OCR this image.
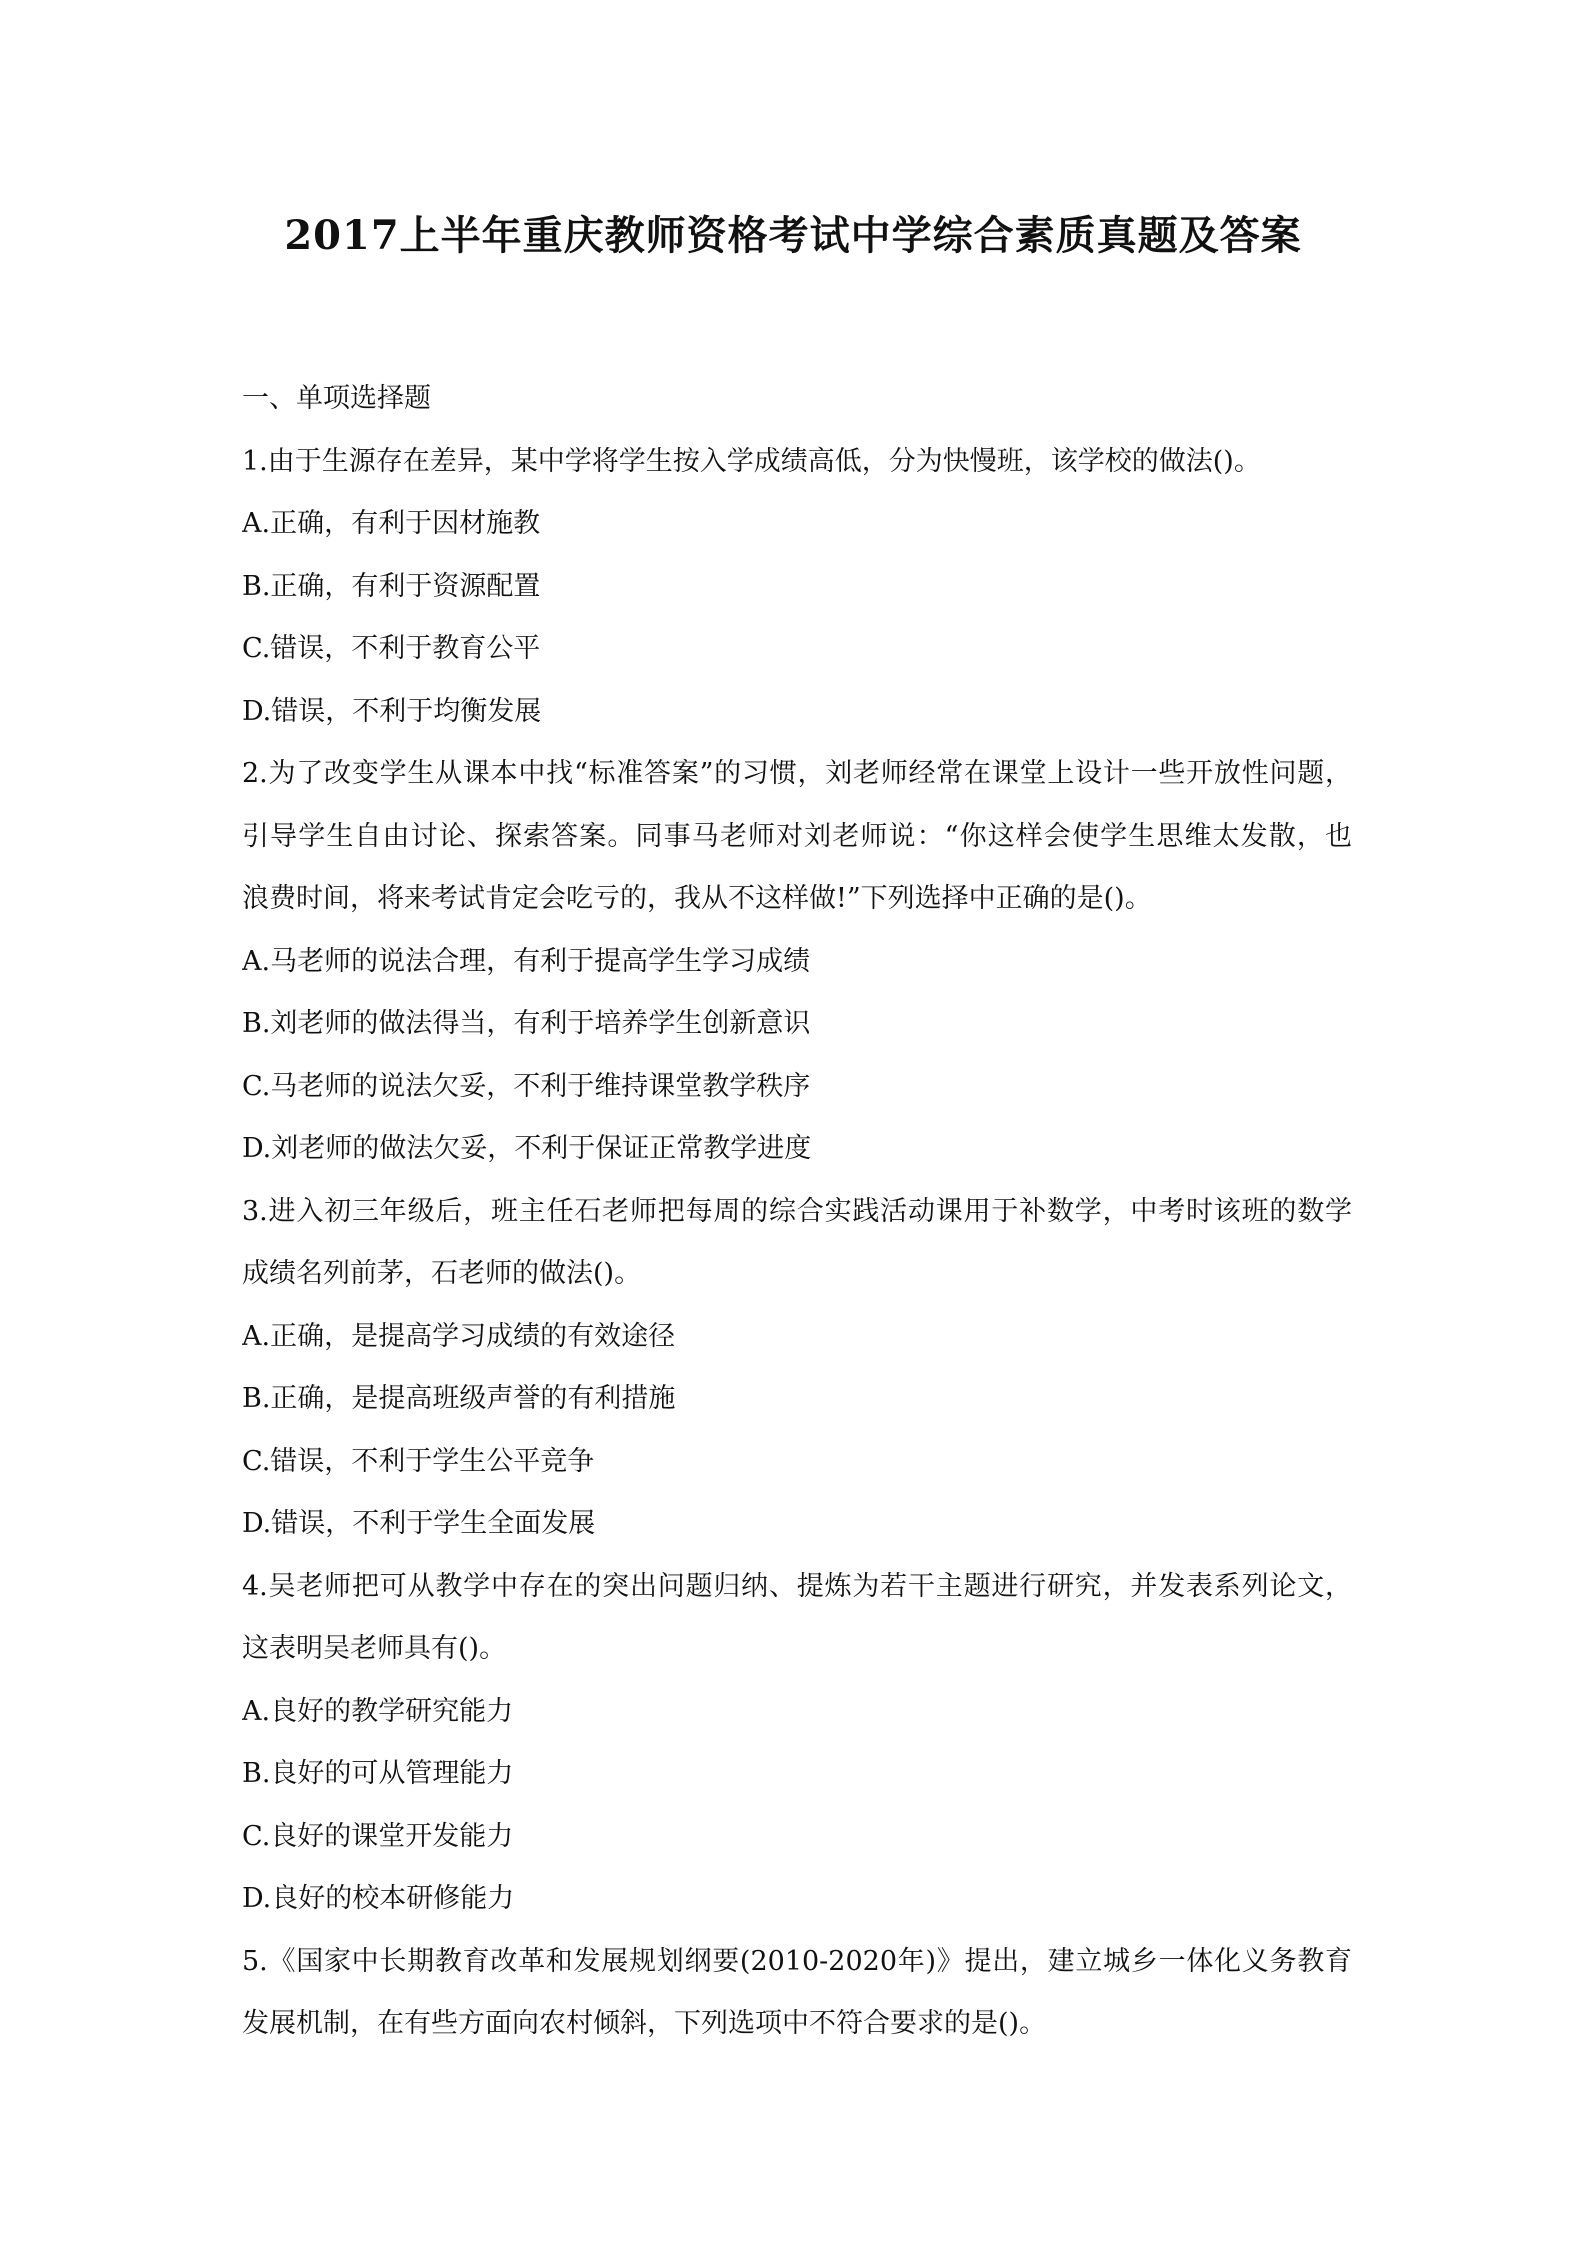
2017上半年重庆教师资格考试中学综合素质真题及答案
一、单项选择题
1.由于生源存在差异，某中学将学生按入学成绩高低，分为快慢班，该学校的做法()。
A.正确，有利于因材施教
B.正确，有利于资源配置
C.错误，不利于教育公平
D.错误，不利于均衡发展
2.为了改变学生从课本中找“标准答案”的习惯，刘老师经常在课堂上设计一些开放性问题，
引导学生自由讨论、探索答案。同事马老师对刘老师说：“你这样会使学生思维太发散，也
浪费时间，将来考试肯定会吃亏的，我从不这样做!”下列选择中正确的是()。
A.马老师的说法合理，有利于提高学生学习成绩
B.刘老师的做法得当，有利于培养学生创新意识
C.马老师的说法欠妥，不利于维持课堂教学秩序
D.刘老师的做法欠妥，不利于保证正常教学进度
3.进入初三年级后，班主任石老师把每周的综合实践活动课用于补数学，中考时该班的数学
成绩名列前茅，石老师的做法()。
A.正确，是提高学习成绩的有效途径
B.正确，是提高班级声誉的有利措施
C.错误，不利于学生公平竞争
D.错误，不利于学生全面发展
4.吴老师把可从教学中存在的突出问题归纳、提炼为若干主题进行研究，并发表系列论文，
这表明吴老师具有()。
A.良好的教学研究能力
B.良好的可从管理能力
C.良好的课堂开发能力
D.良好的校本研修能力
5.《国家中长期教育改革和发展规划纲要(2010-2020年)》提出，建立城乡一体化义务教育
发展机制，在有些方面向农村倾斜，下列选项中不符合要求的是()。
